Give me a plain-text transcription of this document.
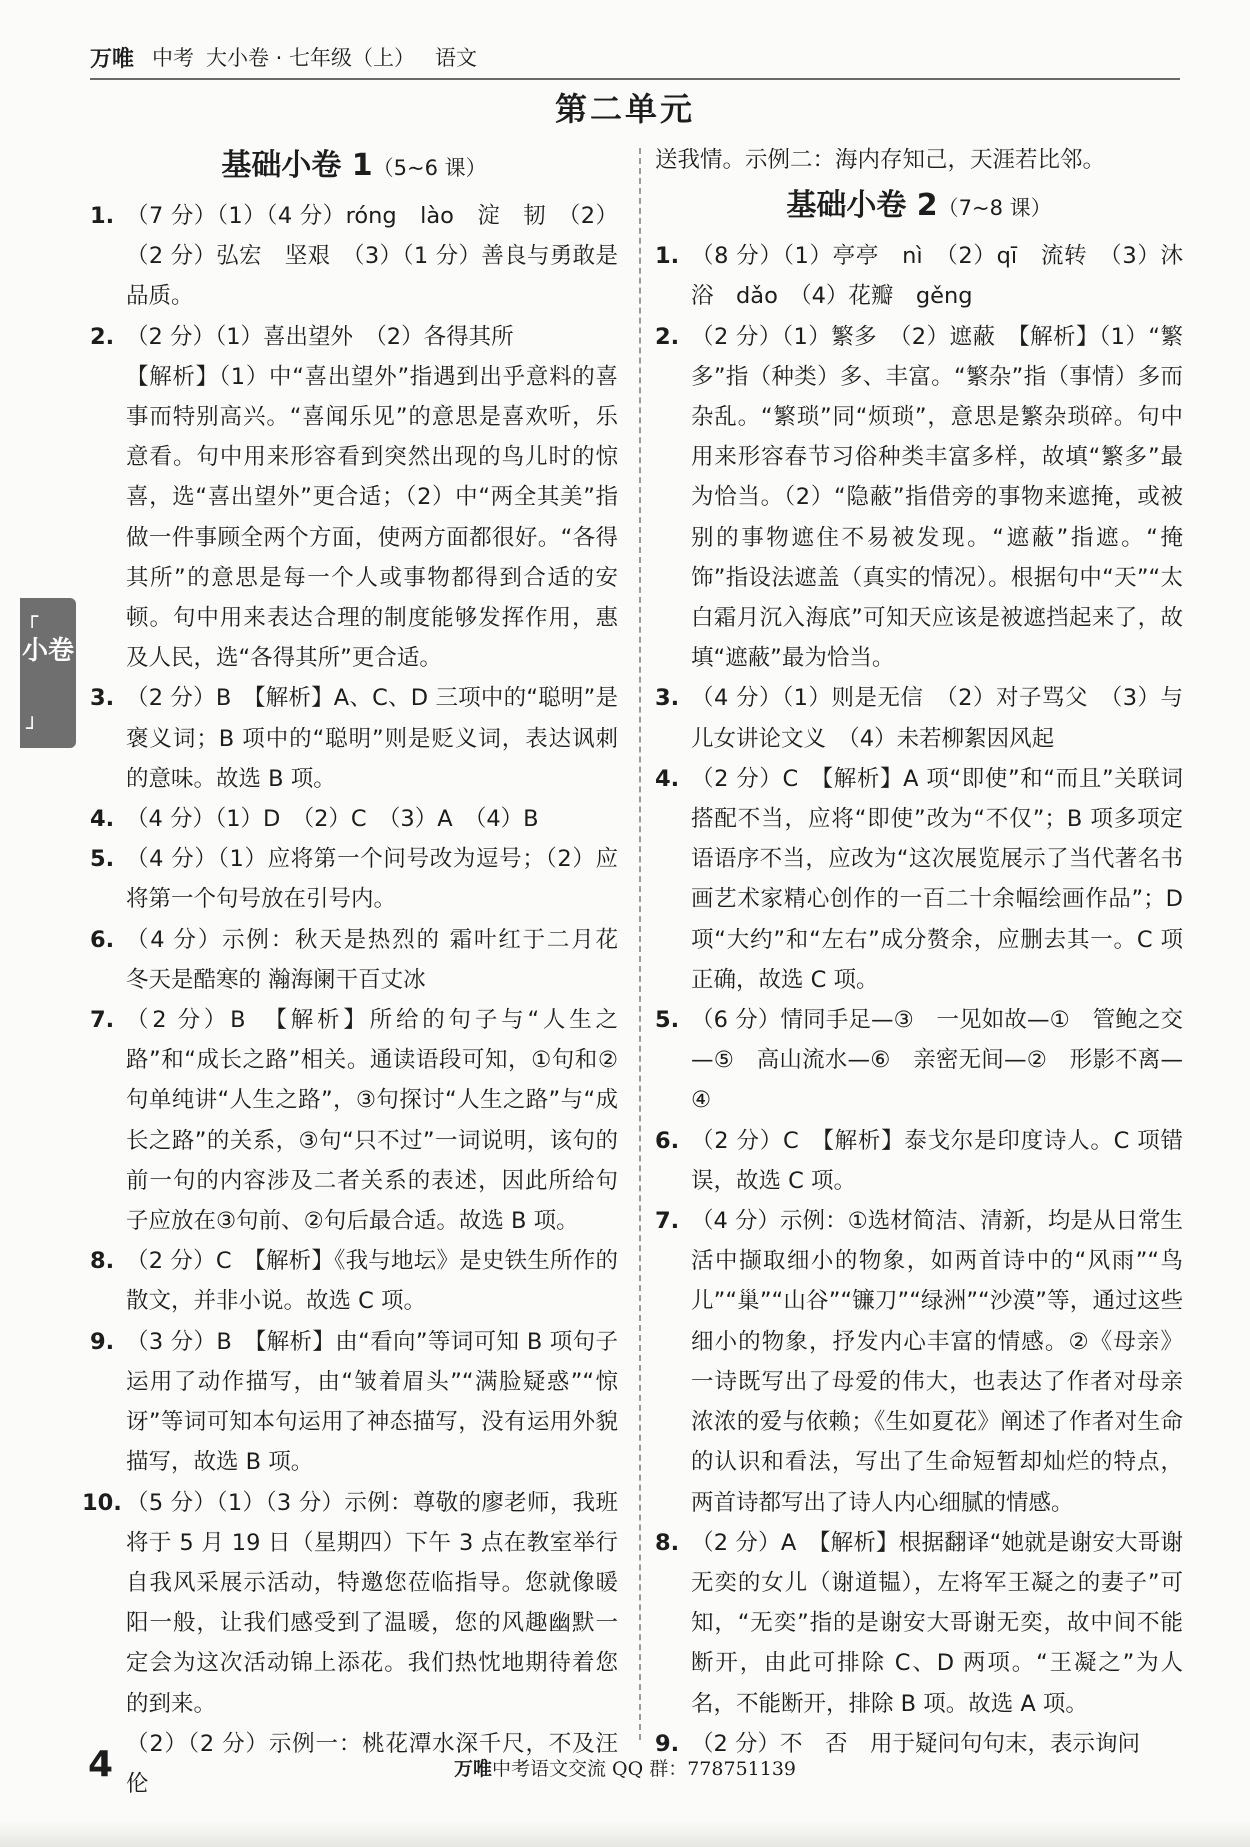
万唯 中考 大小卷 · 七年级（上） 语文
第二单元
基础小卷 1（5~6 课）
1. （7 分）（1）（4 分）róng　lào　淀　韧　（2）（2 分）弘宏　坚艰　（3）（1 分）善良与勇敢是品质。
2. （2 分）（1）喜出望外　（2）各得其所
【解析】（1）中“喜出望外”指遇到出乎意料的喜事而特别高兴。“喜闻乐见”的意思是喜欢听，乐意看。句中用来形容看到突然出现的鸟儿时的惊喜，选“喜出望外”更合适；（2）中“两全其美”指做一件事顾全两个方面，使两方面都很好。“各得其所”的意思是每一个人或事物都得到合适的安顿。句中用来表达合理的制度能够发挥作用，惠及人民，选“各得其所”更合适。
3. （2 分）B　【解析】A、C、D 三项中的“聪明”是褒义词；B 项中的“聪明”则是贬义词，表达讽刺的意味。故选 B 项。
4. （4 分）（1）D　（2）C　（3）A　（4）B
5. （4 分）（1）应将第一个问号改为逗号；（2）应将第一个句号放在引号内。
6. （4 分）示例：秋天是热烈的 霜叶红于二月花　冬天是酷寒的 瀚海阑干百丈冰
7. （2 分）B　【解析】所给的句子与“人生之路”和“成长之路”相关。通读语段可知，①句和②句单纯讲“人生之路”，③句探讨“人生之路”与“成长之路”的关系，③句“只不过”一词说明，该句的前一句的内容涉及二者关系的表述，因此所给句子应放在③句前、②句后最合适。故选 B 项。
8. （2 分）C　【解析】《我与地坛》是史铁生所作的散文，并非小说。故选 C 项。
9. （3 分）B　【解析】由“看向”等词可知 B 项句子运用了动作描写，由“皱着眉头”“满脸疑惑”“惊讶”等词可知本句运用了神态描写，没有运用外貌描写，故选 B 项。
10. （5 分）（1）（3 分）示例：尊敬的廖老师，我班将于 5 月 19 日（星期四）下午 3 点在教室举行自我风采展示活动，特邀您莅临指导。您就像暖阳一般，让我们感受到了温暖，您的风趣幽默一定会为这次活动锦上添花。我们热忱地期待着您的到来。
（2）（2 分）示例一：桃花潭水深千尺，不及汪伦
送我情。示例二：海内存知己，天涯若比邻。
基础小卷 2（7~8 课）
1. （8 分）（1）亭亭　nì　（2）qī　流转　（3）沐浴　dǎo　（4）花瓣　gěng
2. （2 分）（1）繁多　（2）遮蔽　【解析】（1）“繁多”指（种类）多、丰富。“繁杂”指（事情）多而杂乱。“繁琐”同“烦琐”，意思是繁杂琐碎。句中用来形容春节习俗种类丰富多样，故填“繁多”最为恰当。（2）“隐蔽”指借旁的事物来遮掩，或被别的事物遮住不易被发现。“遮蔽”指遮。“掩饰”指设法遮盖（真实的情况）。根据句中“天”“太白霜月沉入海底”可知天应该是被遮挡起来了，故填“遮蔽”最为恰当。
3. （4 分）（1）则是无信　（2）对子骂父　（3）与儿女讲论文义　（4）未若柳絮因风起
4. （2 分）C　【解析】A 项“即使”和“而且”关联词搭配不当，应将“即使”改为“不仅”；B 项多项定语语序不当，应改为“这次展览展示了当代著名书画艺术家精心创作的一百二十余幅绘画作品”；D 项“大约”和“左右”成分赘余，应删去其一。C 项正确，故选 C 项。
5. （6 分）情同手足—③　一见如故—①　管鲍之交—⑤　高山流水—⑥　亲密无间—②　形影不离—④
6. （2 分）C　【解析】泰戈尔是印度诗人。C 项错误，故选 C 项。
7. （4 分）示例：①选材简洁、清新，均是从日常生活中撷取细小的物象，如两首诗中的“风雨”“鸟儿”“巢”“山谷”“镰刀”“绿洲”“沙漠”等，通过这些细小的物象，抒发内心丰富的情感。②《母亲》一诗既写出了母爱的伟大，也表达了作者对母亲浓浓的爱与依赖；《生如夏花》阐述了作者对生命的认识和看法，写出了生命短暂却灿烂的特点，两首诗都写出了诗人内心细腻的情感。
8. （2 分）A　【解析】根据翻译“她就是谢安大哥谢无奕的女儿（谢道韫），左将军王凝之的妻子”可知，“无奕”指的是谢安大哥谢无奕，故中间不能断开，由此可排除 C、D 两项。“王凝之”为人名，不能断开，排除 B 项。故选 A 项。
9. （2 分）不　否　用于疑问句句末，表示询问
┌
小卷
┘
4	万唯中考语文交流 QQ 群：778751139
